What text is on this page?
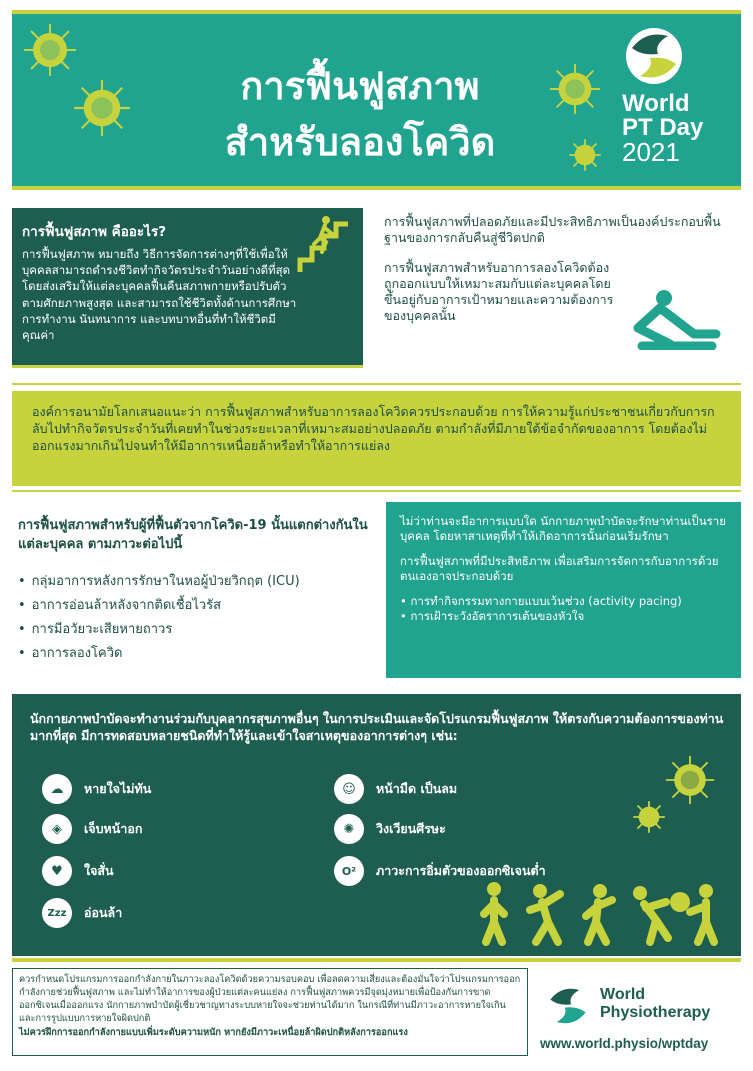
การฟื้นฟูสภาพ
สำหรับลองโควิด
World
PT Day
2021
การฟื้นฟูสภาพ คืออะไร?

การฟื้นฟูสภาพ หมายถึง วิธีการจัดการต่างๆที่ใช้เพื่อให้บุคคลสามารถดำรงชีวิตทำกิจวัตรประจำวันอย่างดีที่สุด โดยส่งเสริมให้แต่ละบุคคลฟื้นคืนสภาพกายหรือปรับตัวตามศักยภาพสูงสุด และสามารถใช้ชีวิตทั้งด้านการศึกษา การทำงาน นันทนาการ และบทบาทอื่นที่ทำให้ชีวิตมีคุณค่า

การฟื้นฟูสภาพที่ปลอดภัยและมีประสิทธิภาพเป็นองค์ประกอบพื้นฐานของการกลับคืนสู่ชีวิตปกติ

การฟื้นฟูสภาพสำหรับอาการลองโควิดต้องถูกออกแบบให้เหมาะสมกับแต่ละบุคคลโดยขึ้นอยู่กับอาการเป้าหมายและความต้องการของบุคคลนั้น

องค์การอนามัยโลกเสนอแนะว่า การฟื้นฟูสภาพสำหรับอาการลองโควิดควรประกอบด้วย การให้ความรู้แก่ประชาชนเกี่ยวกับการกลับไปทำกิจวัตรประจำวันที่เคยทำในช่วงระยะเวลาที่เหมาะสมอย่างปลอดภัย ตามกำลังที่มีภายใต้ข้อจำกัดของอาการ โดยต้องไม่ออกแรงมากเกินไปจนทำให้มีอาการเหนื่อยล้าหรือทำให้อาการแย่ลง
การฟื้นฟูสภาพสำหรับผู้ที่ฟื้นตัวจากโควิด-19 นั้นแตกต่างกันในแต่ละบุคคล ตามภาวะต่อไปนี้
• กลุ่มอาการหลังการรักษาในหอผู้ป่วยวิกฤต (ICU)
• อาการอ่อนล้าหลังจากติดเชื้อไวรัส
• การมีอวัยวะเสียหายถาวร
• อาการลองโควิด

ไม่ว่าท่านจะมีอาการแบบใด นักกายภาพบำบัดจะรักษาท่านเป็นรายบุคคล โดยหาสาเหตุที่ทำให้เกิดอาการนั้นก่อนเริ่มรักษา

การฟื้นฟูสภาพที่มีประสิทธิภาพ เพื่อเสริมการจัดการกับอาการด้วยตนเองอาจประกอบด้วย

• การทำกิจกรรมทางกายแบบเว้นช่วง (activity pacing)
• การเฝ้าระวังอัตราการเต้นของหัวใจ
นักกายภาพบำบัดจะทำงานร่วมกับบุคลากรสุขภาพอื่นๆ ในการประเมินและจัดโปรแกรมฟื้นฟูสภาพ ให้ตรงกับความต้องการของท่านมากที่สุด มีการทดสอบหลายชนิดที่ทำให้รู้และเข้าใจสาเหตุของอาการต่างๆ เช่น:
☁	หายใจไม่ทัน
◈	เจ็บหน้าอก
♥	ใจสั่น
Zzz	อ่อนล้า
☺	หน้ามืด เป็นลม
✺	วิงเวียนศีรษะ
O²	ภาวะการอิ่มตัวของออกซิเจนต่ำ
ควรกำหนดโปรแกรมการออกกำลังกายในภาวะลองโควิดด้วยความรอบคอบ เพื่อลดความเสี่ยงและต้องมั่นใจว่าโปรแกรมการออกกำลังกายช่วยฟื้นฟูสภาพ และไม่ทำให้อาการของผู้ป่วยแต่ละคนแย่ลง การฟื้นฟูสภาพควรมีจุดมุ่งหมายเพื่อป้องกันการขาดออกซิเจนเมื่อออกแรง นักกายภาพบำบัดผู้เชี่ยวชาญทางระบบหายใจจะช่วยท่านได้มาก ในกรณีที่ท่านมีภาวะอาการหายใจเกินและการรูปแบบการหายใจผิดปกติ
ไม่ควรฝึกการออกกำลังกายแบบเพิ่มระดับความหนัก หากยังมีภาวะเหนื่อยล้าผิดปกติหลังการออกแรง
World
Physiotherapy
www.world.physio/wptday
